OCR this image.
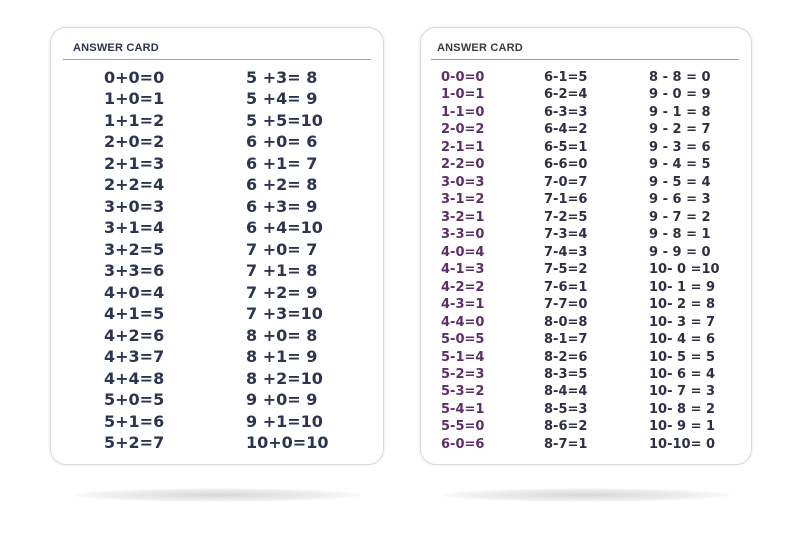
ANSWER CARD
0+0=0
1+0=1
1+1=2
2+0=2
2+1=3
2+2=4
3+0=3
3+1=4
3+2=5
3+3=6
4+0=4
4+1=5
4+2=6
4+3=7
4+4=8
5+0=5
5+1=6
5+2=7
5 +3= 8
5 +4= 9
5 +5=10
6 +0= 6
6 +1= 7
6 +2= 8
6 +3= 9
6 +4=10
7 +0= 7
7 +1= 8
7 +2= 9
7 +3=10
8 +0= 8
8 +1= 9
8 +2=10
9 +0= 9
9 +1=10
10+0=10
ANSWER CARD
0-0=0
1-0=1
1-1=0
2-0=2
2-1=1
2-2=0
3-0=3
3-1=2
3-2=1
3-3=0
4-0=4
4-1=3
4-2=2
4-3=1
4-4=0
5-0=5
5-1=4
5-2=3
5-3=2
5-4=1
5-5=0
6-0=6
6-1=5
6-2=4
6-3=3
6-4=2
6-5=1
6-6=0
7-0=7
7-1=6
7-2=5
7-3=4
7-4=3
7-5=2
7-6=1
7-7=0
8-0=8
8-1=7
8-2=6
8-3=5
8-4=4
8-5=3
8-6=2
8-7=1
8 - 8 = 0
9 - 0 = 9
9 - 1 = 8
9 - 2 = 7
9 - 3 = 6
9 - 4 = 5
9 - 5 = 4
9 - 6 = 3
9 - 7 = 2
9 - 8 = 1
9 - 9 = 0
10- 0 =10
10- 1 = 9
10- 2 = 8
10- 3 = 7
10- 4 = 6
10- 5 = 5
10- 6 = 4
10- 7 = 3
10- 8 = 2
10- 9 = 1
10-10= 0
